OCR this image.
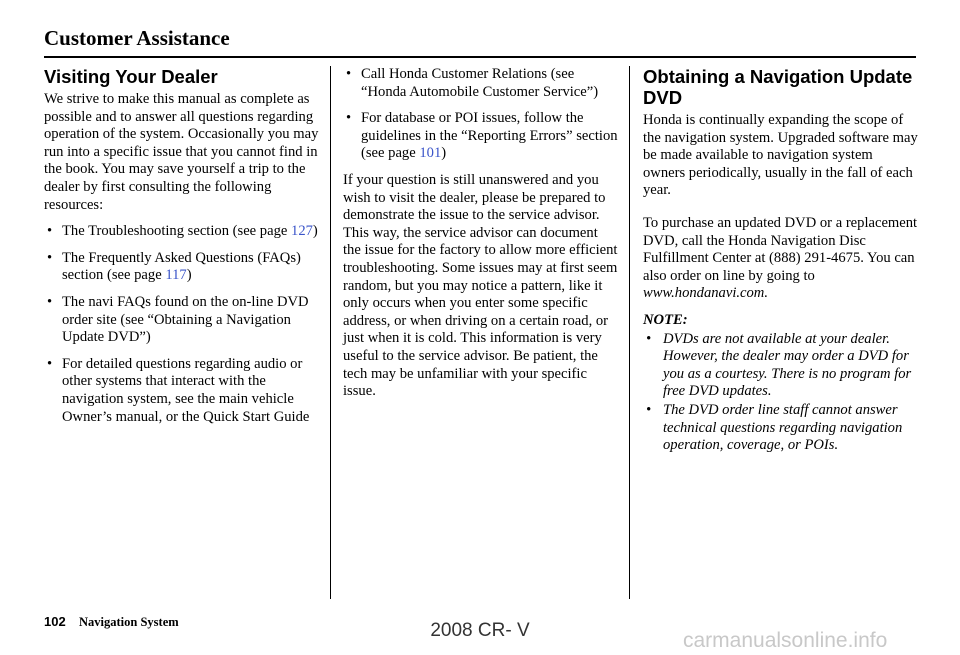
Customer Assistance
Visiting Your Dealer

We strive to make this manual as complete as possible and to answer all questions regarding operation of the system. Occasionally you may run into a specific issue that you cannot find in the book. You may save yourself a trip to the dealer by first consulting the following resources:

• The Troubleshooting section (see page 127)
• The Frequently Asked Questions (FAQs) section (see page 117)
• The navi FAQs found on the on-line DVD order site (see “Obtaining a Navigation Update DVD”)
• For detailed questions regarding audio or other systems that interact with the navigation system, see the main vehicle Owner’s manual, or the Quick Start Guide
• Call Honda Customer Relations (see “Honda Automobile Customer Service”)
• For database or POI issues, follow the guidelines in the “Reporting Errors” section (see page 101)

If your question is still unanswered and you wish to visit the dealer, please be prepared to demonstrate the issue to the service advisor. This way, the service advisor can document the issue for the factory to allow more efficient troubleshooting. Some issues may at first seem random, but you may notice a pattern, like it only occurs when you enter some specific address, or when driving on a certain road, or just when it is cold. This information is very useful to the service advisor. Be patient, the tech may be unfamiliar with your specific issue.

Obtaining a Navigation Update DVD

Honda is continually expanding the scope of the navigation system. Upgraded software may be made available to navigation system owners periodically, usually in the fall of each year.

To purchase an updated DVD or a replacement DVD, call the Honda Navigation Disc Fulfillment Center at (888) 291-4675. You can also order on line by going to www.hondanavi.com.

NOTE:
• DVDs are not available at your dealer. However, the dealer may order a DVD for you as a courtesy. There is no program for free DVD updates.
• The DVD order line staff cannot answer technical questions regarding navigation operation, coverage, or POIs.
102 Navigation System	2008 CR- V	carmanualsonline.info
